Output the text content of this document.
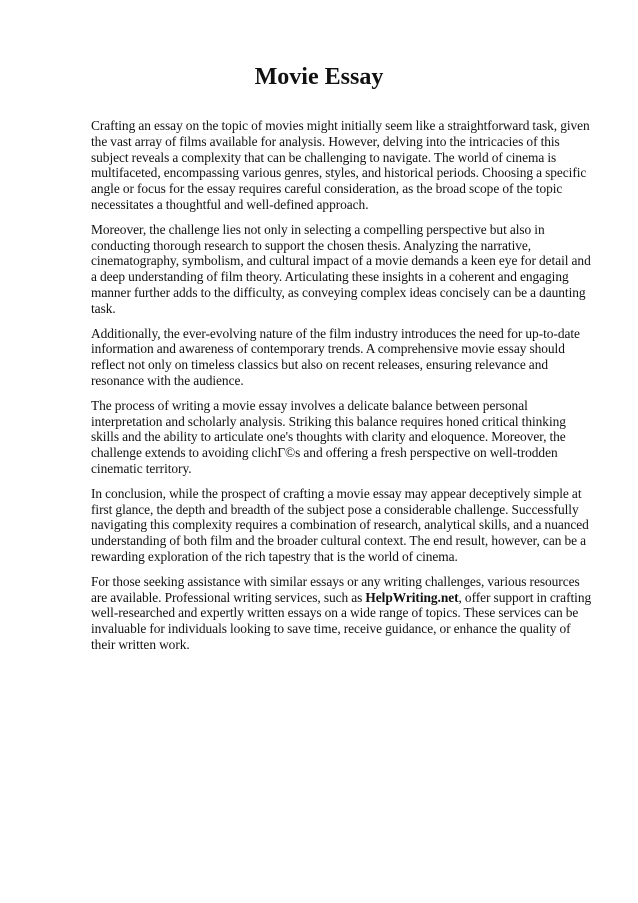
Movie Essay

Crafting an essay on the topic of movies might initially seem like a straightforward task, given the vast array of films available for analysis. However, delving into the intricacies of this subject reveals a complexity that can be challenging to navigate. The world of cinema is multifaceted, encompassing various genres, styles, and historical periods. Choosing a specific angle or focus for the essay requires careful consideration, as the broad scope of the topic necessitates a thoughtful and well-defined approach.

Moreover, the challenge lies not only in selecting a compelling perspective but also in conducting thorough research to support the chosen thesis. Analyzing the narrative, cinematography, symbolism, and cultural impact of a movie demands a keen eye for detail and a deep understanding of film theory. Articulating these insights in a coherent and engaging manner further adds to the difficulty, as conveying complex ideas concisely can be a daunting task.

Additionally, the ever-evolving nature of the film industry introduces the need for up-to-date information and awareness of contemporary trends. A comprehensive movie essay should reflect not only on timeless classics but also on recent releases, ensuring relevance and resonance with the audience.

The process of writing a movie essay involves a delicate balance between personal interpretation and scholarly analysis. Striking this balance requires honed critical thinking skills and the ability to articulate one's thoughts with clarity and eloquence. Moreover, the challenge extends to avoiding clichГ©s and offering a fresh perspective on well-trodden cinematic territory.

In conclusion, while the prospect of crafting a movie essay may appear deceptively simple at first glance, the depth and breadth of the subject pose a considerable challenge. Successfully navigating this complexity requires a combination of research, analytical skills, and a nuanced understanding of both film and the broader cultural context. The end result, however, can be a rewarding exploration of the rich tapestry that is the world of cinema.

For those seeking assistance with similar essays or any writing challenges, various resources are available. Professional writing services, such as HelpWriting.net, offer support in crafting well-researched and expertly written essays on a wide range of topics. These services can be invaluable for individuals looking to save time, receive guidance, or enhance the quality of their written work.
